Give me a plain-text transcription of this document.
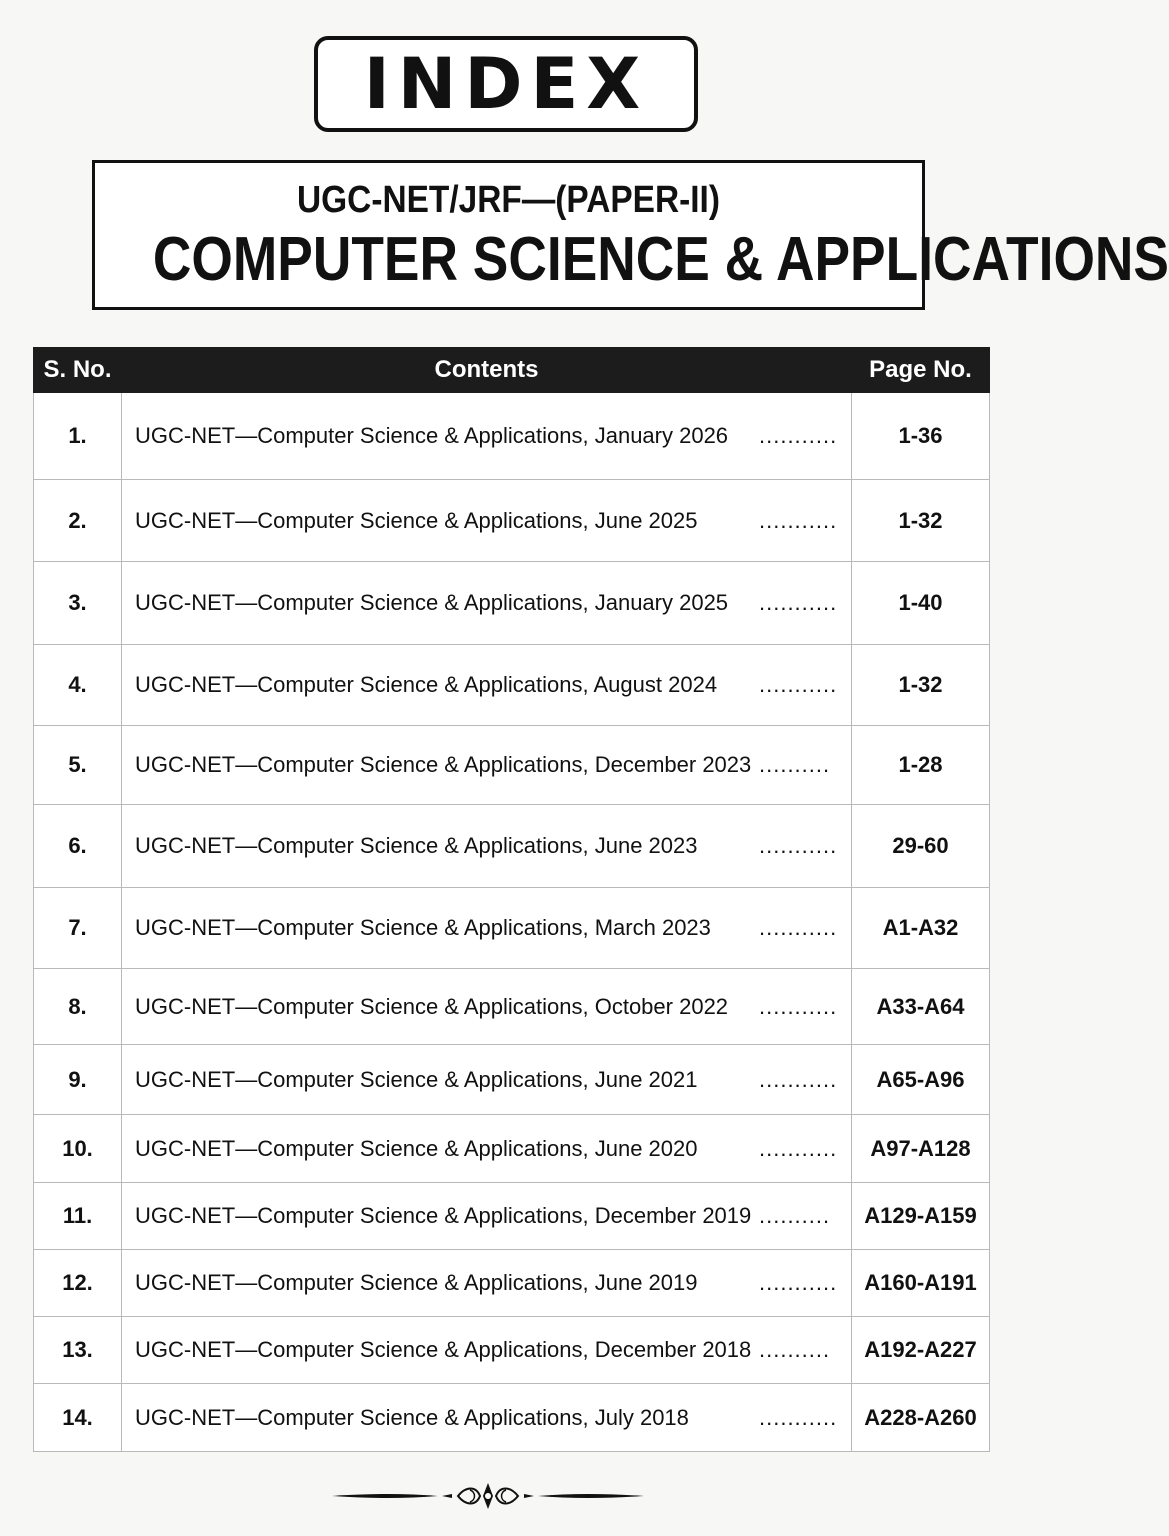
INDEX
UGC-NET/JRF—(PAPER-II)
COMPUTER SCIENCE & APPLICATIONS
S. No.	Contents	Page No.
1.	UGC-NET—Computer Science & Applications, January 2026 ...........	1-36
2.	UGC-NET—Computer Science & Applications, June 2025 ...........	1-32
3.	UGC-NET—Computer Science & Applications, January 2025 ...........	1-40
4.	UGC-NET—Computer Science & Applications, August 2024 ...........	1-32
5.	UGC-NET—Computer Science & Applications, December 2023 ..........	1-28
6.	UGC-NET—Computer Science & Applications, June 2023 ...........	29-60
7.	UGC-NET—Computer Science & Applications, March 2023 ...........	A1-A32
8.	UGC-NET—Computer Science & Applications, October 2022 ...........	A33-A64
9.	UGC-NET—Computer Science & Applications, June 2021 ...........	A65-A96
10.	UGC-NET—Computer Science & Applications, June 2020 ...........	A97-A128
11.	UGC-NET—Computer Science & Applications, December 2019 ..........	A129-A159
12.	UGC-NET—Computer Science & Applications, June 2019 ...........	A160-A191
13.	UGC-NET—Computer Science & Applications, December 2018 ..........	A192-A227
14.	UGC-NET—Computer Science & Applications, July 2018 ...........	A228-A260
